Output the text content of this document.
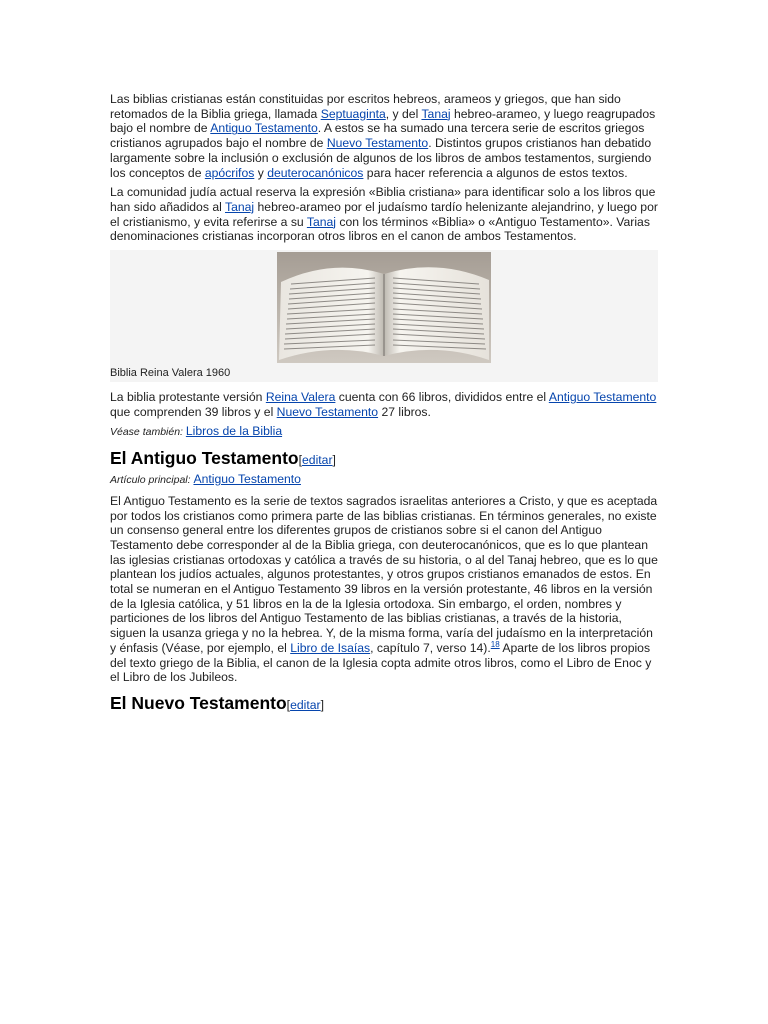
Las biblias cristianas están constituidas por escritos hebreos, arameos y griegos, que han sido retomados de la Biblia griega, llamada Septuaginta, y del Tanaj hebreo-arameo, y luego reagrupados bajo el nombre de Antiguo Testamento. A estos se ha sumado una tercera serie de escritos griegos cristianos agrupados bajo el nombre de Nuevo Testamento. Distintos grupos cristianos han debatido largamente sobre la inclusión o exclusión de algunos de los libros de ambos testamentos, surgiendo los conceptos de apócrifos y deuterocanónicos para hacer referencia a algunos de estos textos.

La comunidad judía actual reserva la expresión «Biblia cristiana» para identificar solo a los libros que han sido añadidos al Tanaj hebreo-arameo por el judaísmo tardío helenizante alejandrino, y luego por el cristianismo, y evita referirse a su Tanaj con los términos «Biblia» o «Antiguo Testamento». Varias denominaciones cristianas incorporan otros libros en el canon de ambos Testamentos.

Biblia Reina Valera 1960

La biblia protestante versión Reina Valera cuenta con 66 libros, divididos entre el Antiguo Testamento que comprenden 39 libros y el Nuevo Testamento 27 libros.

Véase también: Libros de la Biblia
El Antiguo Testamento[editar]
Artículo principal: Antiguo Testamento

El Antiguo Testamento es la serie de textos sagrados israelitas anteriores a Cristo, y que es aceptada por todos los cristianos como primera parte de las biblias cristianas. En términos generales, no existe un consenso general entre los diferentes grupos de cristianos sobre si el canon del Antiguo Testamento debe corresponder al de la Biblia griega, con deuterocanónicos, que es lo que plantean las iglesias cristianas ortodoxas y católica a través de su historia, o al del Tanaj hebreo, que es lo que plantean los judíos actuales, algunos protestantes, y otros grupos cristianos emanados de estos. En total se numeran en el Antiguo Testamento 39 libros en la versión protestante, 46 libros en la versión de la Iglesia católica, y 51 libros en la de la Iglesia ortodoxa. Sin embargo, el orden, nombres y particiones de los libros del Antiguo Testamento de las biblias cristianas, a través de la historia, siguen la usanza griega y no la hebrea. Y, de la misma forma, varía del judaísmo en la interpretación y énfasis (Véase, por ejemplo, el Libro de Isaías, capítulo 7, verso 14).$^{18}$ Aparte de los libros propios del texto griego de la Biblia, el canon de la Iglesia copta admite otros libros, como el Libro de Enoc y el Libro de los Jubileos.

El Nuevo Testamento[editar]
